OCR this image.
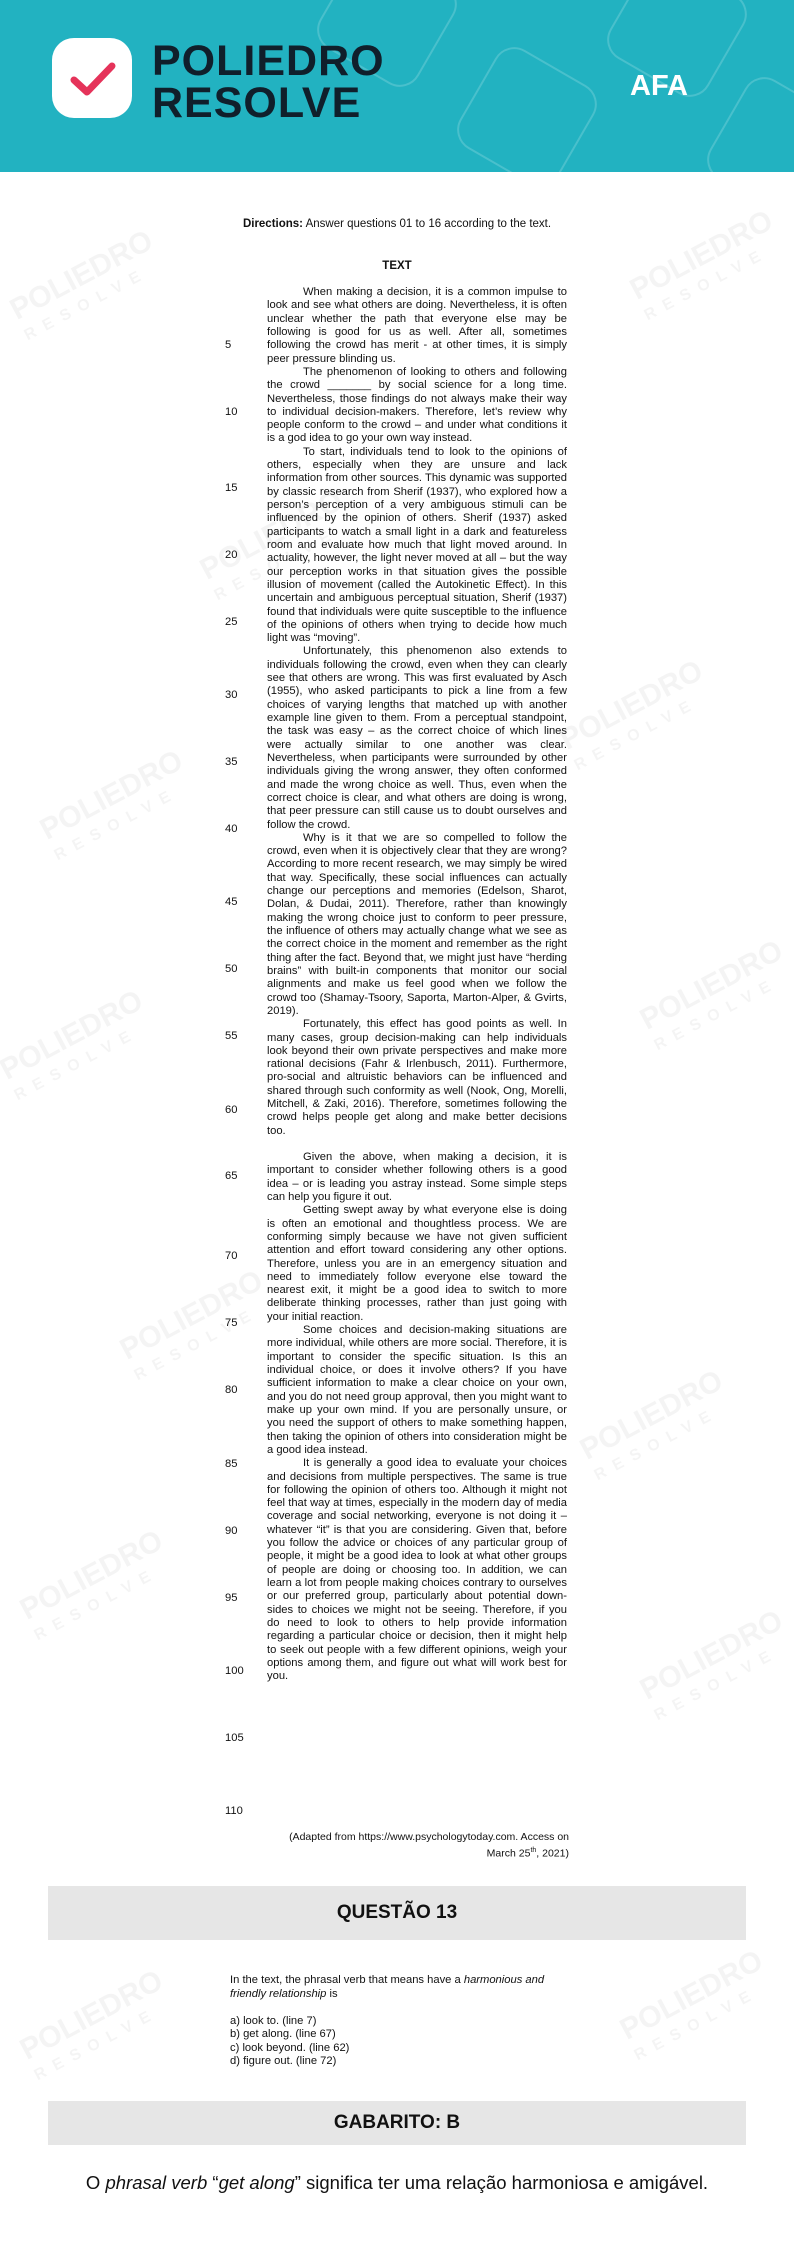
POLIEDRO
RESOLVE	AFA
Directions: Answer questions 01 to 16 according to the text.
TEXT
5
10
15
20
25
30
35
40
45
50
55
60
65
70
75
80
85
90
95
100
105
110

When making a decision, it is a common impulse to look and see what others are doing. Nevertheless, it is often unclear whether the path that everyone else may be following is good for us as well. After all, sometimes following the crowd has merit - at other times, it is simply peer pressure blinding us.

The phenomenon of looking to others and following the crowd _______ by social science for a long time. Nevertheless, those findings do not always make their way to individual decision-makers. Therefore, let’s review why people conform to the crowd – and under what conditions it is a god idea to go your own way instead.

To start, individuals tend to look to the opinions of others, especially when they are unsure and lack information from other sources. This dynamic was supported by classic research from Sherif (1937), who explored how a person’s perception of a very ambiguous stimuli can be influenced by the opinion of others. Sherif (1937) asked participants to watch a small light in a dark and featureless room and evaluate how much that light moved around. In actuality, however, the light never moved at all – but the way our perception works in that situation gives the possible illusion of movement (called the Autokinetic Effect). In this uncertain and ambiguous perceptual situation, Sherif (1937) found that individuals were quite susceptible to the influence of the opinions of others when trying to decide how much light was “moving”.

Unfortunately, this phenomenon also extends to individuals following the crowd, even when they can clearly see that others are wrong. This was first evaluated by Asch (1955), who asked participants to pick a line from a few choices of varying lengths that matched up with another example line given to them. From a perceptual standpoint, the task was easy – as the correct choice of which lines were actually similar to one another was clear. Nevertheless, when participants were surrounded by other individuals giving the wrong answer, they often conformed and made the wrong choice as well. Thus, even when the correct choice is clear, and what others are doing is wrong, that peer pressure can still cause us to doubt ourselves and follow the crowd.

Why is it that we are so compelled to follow the crowd, even when it is objectively clear that they are wrong? According to more recent research, we may simply be wired that way. Specifically, these social influences can actually change our perceptions and memories (Edelson, Sharot, Dolan, & Dudai, 2011). Therefore, rather than knowingly making the wrong choice just to conform to peer pressure, the influence of others may actually change what we see as the correct choice in the moment and remember as the right thing after the fact. Beyond that, we might just have “herding brains” with built-in components that monitor our social alignments and make us feel good when we follow the crowd too (Shamay-Tsoory, Saporta, Marton-Alper, & Gvirts, 2019).

Fortunately, this effect has good points as well. In many cases, group decision-making can help individuals look beyond their own private perspectives and make more rational decisions (Fahr & Irlenbusch, 2011). Furthermore, pro-social and altruistic behaviors can be influenced and shared through such conformity as well (Nook, Ong, Morelli, Mitchell, & Zaki, 2016). Therefore, sometimes following the crowd helps people get along and make better decisions too.

Given the above, when making a decision, it is important to consider whether following others is a good idea – or is leading you astray instead. Some simple steps can help you figure it out.

Getting swept away by what everyone else is doing is often an emotional and thoughtless process. We are conforming simply because we have not given sufficient attention and effort toward considering any other options. Therefore, unless you are in an emergency situation and need to immediately follow everyone else toward the nearest exit, it might be a good idea to switch to more deliberate thinking processes, rather than just going with your initial reaction.

Some choices and decision-making situations are more individual, while others are more social. Therefore, it is important to consider the specific situation. Is this an individual choice, or does it involve others? If you have sufficient information to make a clear choice on your own, and you do not need group approval, then you might want to make up your own mind. If you are personally unsure, or you need the support of others to make something happen, then taking the opinion of others into consideration might be a good idea instead.

It is generally a good idea to evaluate your choices and decisions from multiple perspectives. The same is true for following the opinion of others too. Although it might not feel that way at times, especially in the modern day of media coverage and social networking, everyone is not doing it – whatever “it” is that you are considering. Given that, before you follow the advice or choices of any particular group of people, it might be a good idea to look at what other groups of people are doing or choosing too. In addition, we can learn a lot from people making choices contrary to ourselves or our preferred group, particularly about potential down-sides to choices we might not be seeing. Therefore, if you do need to look to others to help provide information regarding a particular choice or decision, then it might help to seek out people with a few different opinions, weigh your options among them, and figure out what will work best for you.

(Adapted from https://www.psychologytoday.com. Access on
March 25th, 2021)
QUESTÃO 13
In the text, the phrasal verb that means have a harmonious and friendly relationship is
a) look to. (line 7)
b) get along. (line 67)
c) look beyond. (line 62)
d) figure out. (line 72)
GABARITO: B
O phrasal verb “get along” significa ter uma relação harmoniosa e amigável.
